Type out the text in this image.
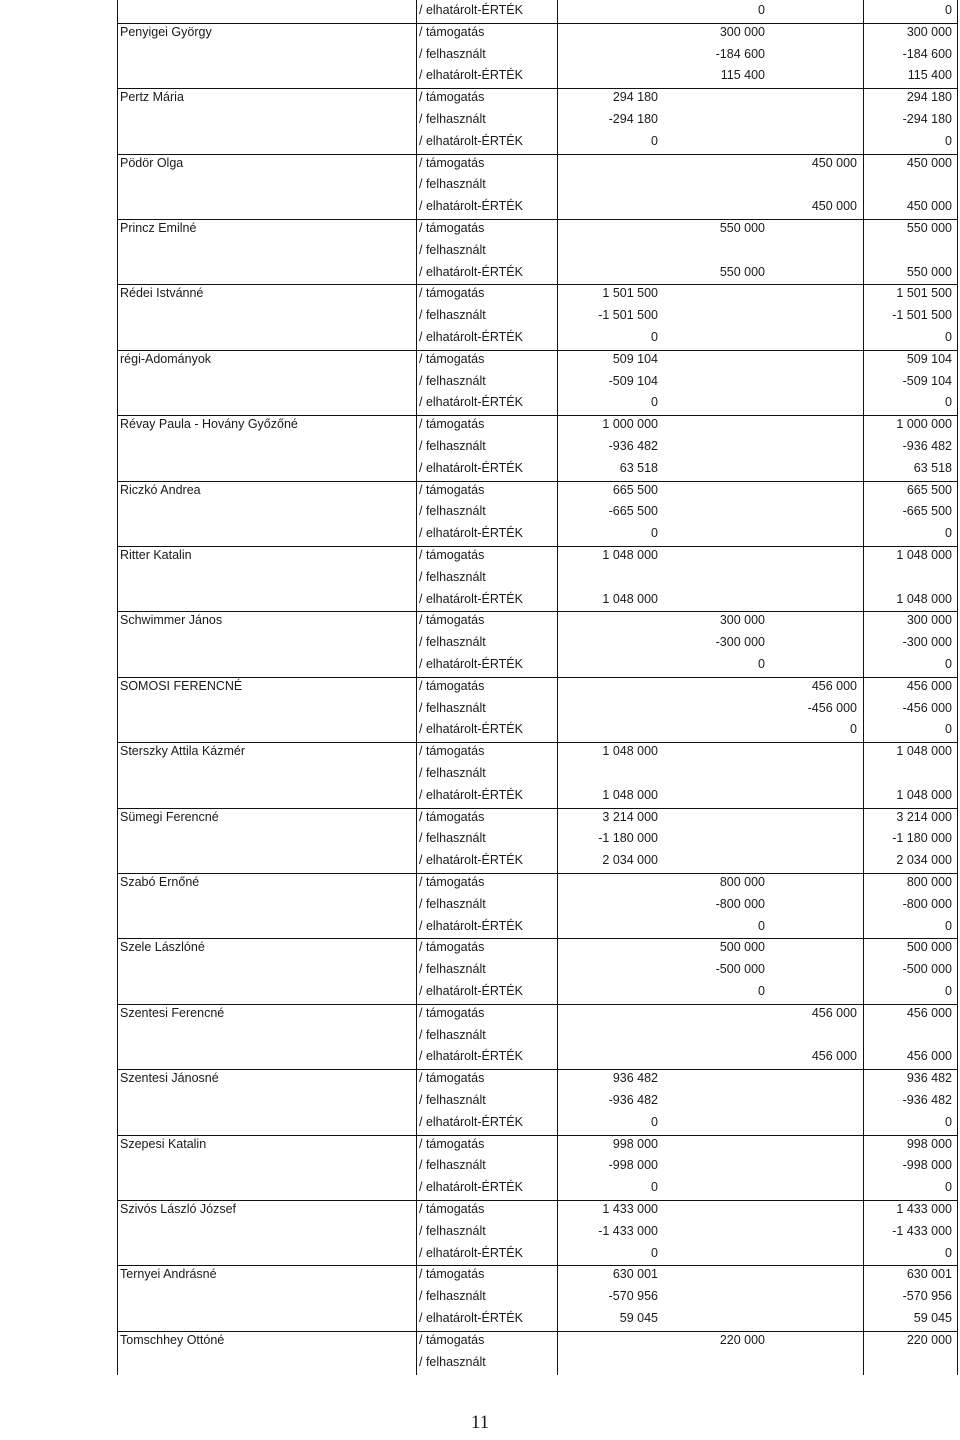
/ elhatárolt-ÉRTÉK	0	0
Penyigei György	/ támogatás	300 000	300 000
/ felhasznált	-184 600	-184 600
/ elhatárolt-ÉRTÉK	115 400	115 400
Pertz Mária	/ támogatás	294 180	294 180
/ felhasznált	-294 180	-294 180
/ elhatárolt-ÉRTÉK	0	0
Pödör Olga	/ támogatás	450 000	450 000
/ felhasznált
/ elhatárolt-ÉRTÉK	450 000	450 000
Princz Emilné	/ támogatás	550 000	550 000
/ felhasznált
/ elhatárolt-ÉRTÉK	550 000	550 000
Rédei Istvánné	/ támogatás	1 501 500	1 501 500
/ felhasznált	-1 501 500	-1 501 500
/ elhatárolt-ÉRTÉK	0	0
régi-Adományok	/ támogatás	509 104	509 104
/ felhasznált	-509 104	-509 104
/ elhatárolt-ÉRTÉK	0	0
Révay Paula - Hovány Győzőné	/ támogatás	1 000 000	1 000 000
/ felhasznált	-936 482	-936 482
/ elhatárolt-ÉRTÉK	63 518	63 518
Riczkó Andrea	/ támogatás	665 500	665 500
/ felhasznált	-665 500	-665 500
/ elhatárolt-ÉRTÉK	0	0
Ritter Katalin	/ támogatás	1 048 000	1 048 000
/ felhasznált
/ elhatárolt-ÉRTÉK	1 048 000	1 048 000
Schwimmer János	/ támogatás	300 000	300 000
/ felhasznált	-300 000	-300 000
/ elhatárolt-ÉRTÉK	0	0
SOMOSI FERENCNÉ	/ támogatás	456 000	456 000
/ felhasznált	-456 000	-456 000
/ elhatárolt-ÉRTÉK	0	0
Sterszky Attila Kázmér	/ támogatás	1 048 000	1 048 000
/ felhasznált
/ elhatárolt-ÉRTÉK	1 048 000	1 048 000
Sümegi Ferencné	/ támogatás	3 214 000	3 214 000
/ felhasznált	-1 180 000	-1 180 000
/ elhatárolt-ÉRTÉK	2 034 000	2 034 000
Szabó Ernőné	/ támogatás	800 000	800 000
/ felhasznált	-800 000	-800 000
/ elhatárolt-ÉRTÉK	0	0
Szele Lászlóné	/ támogatás	500 000	500 000
/ felhasznált	-500 000	-500 000
/ elhatárolt-ÉRTÉK	0	0
Szentesi Ferencné	/ támogatás	456 000	456 000
/ felhasznált
/ elhatárolt-ÉRTÉK	456 000	456 000
Szentesi Jánosné	/ támogatás	936 482	936 482
/ felhasznált	-936 482	-936 482
/ elhatárolt-ÉRTÉK	0	0
Szepesi Katalin	/ támogatás	998 000	998 000
/ felhasznált	-998 000	-998 000
/ elhatárolt-ÉRTÉK	0	0
Szivós László József	/ támogatás	1 433 000	1 433 000
/ felhasznált	-1 433 000	-1 433 000
/ elhatárolt-ÉRTÉK	0	0
Ternyei Andrásné	/ támogatás	630 001	630 001
/ felhasznált	-570 956	-570 956
/ elhatárolt-ÉRTÉK	59 045	59 045
Tomschhey Ottóné	/ támogatás	220 000	220 000
/ felhasznált
11
